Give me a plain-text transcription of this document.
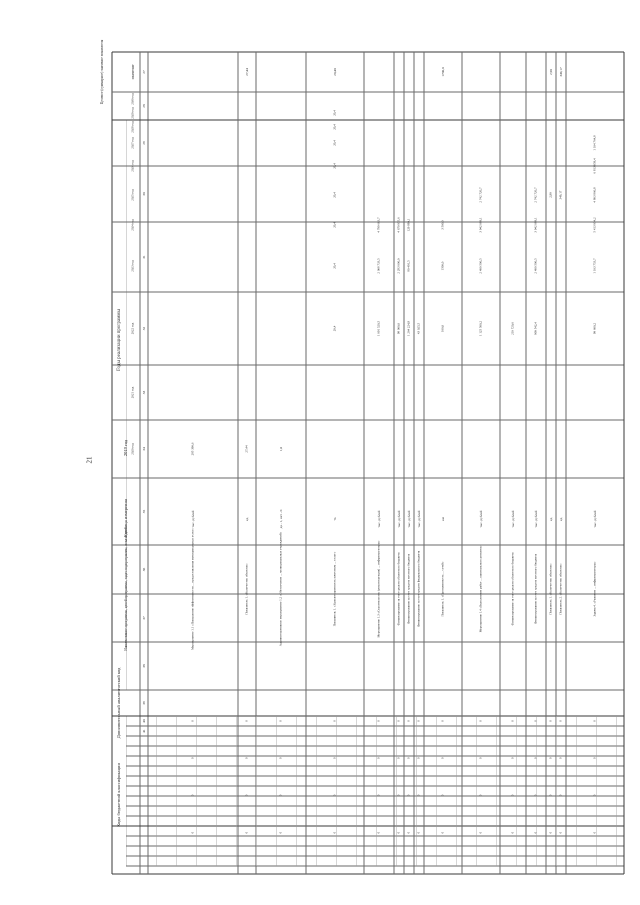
21
Годы реализации программы
Коды бюджетной классификации
Дополнительный аналитический код
Целевое (суммарное) значение показателя	значение
Наименование программы, целей программы, задач подпрограммы, показателей
Единица измерения
2019 год 2020 год
2021 год
2022 год
2023 год
2024 год
2025 год
2026 год
2027 год
2028 год
2029 год
2030 год
27
28
29
30
31
32
33
34
35
36
37
38
39
40
41
Мероприятие 1.1 «Повышение эффективности ... предоставления муниципальных услуг»
тыс. рублей
285 390,6
0
0
0
0
Показатель 1. «Количество объектов»
ед.
27,44
27,44
0
0
0
0
Административное мероприятие 1.2 «Обеспечение ... муниципальных учреждений»
да - 1, нет - 0
1,0
0
0
0
0
Показатель 1. «Удовлетворенность качеством ... услуг»
%
20,4
20,4
20,4
20,4
20,4
20,4
20,4
20,4
20,40
0
0
0
0
Мероприятие 1.3 «Строительство (реконструкция) ... инфраструктуры»
тыс. рублей
1 091 520,5
2 008 733,5
4 799 603,7
0
0
0
0
Финансирование за счет средств областного бюджета
тыс. рублей
98 000,0
2 283 000,0
4 670 955,6
0
0
0
0
Финансирование за счет средств местного бюджета
тыс. рублей
1 264 224,8
80 491,5
129 880,1
0
0
0
0
Финансирование за счет средств федерального бюджета
тыс. рублей
43 025,5
0
0
0
0
Показатель 1. «Протяженность ... сетей»
км
100,0
1500,0
3 500,0
1700,0
0
0
0
0
Мероприятие 1.4 «Выполнение работ ... капитального ремонта»
тыс. рублей
1 125 500,2
2 400 500,5
3 942 089,1
2 742 720,7
0
0
0
0
Финансирование за счет средств областного бюджета
тыс. рублей
210 720,6
0
0
0
0
Финансирование за счет средств местного бюджета
тыс. рублей
909 542,4
2 400 500,5
3 942 089,1
2 742 720,7
0
0
0
0
Показатель 1. «Количество объектов»
ед.
2,90
2,90
0
0
0
0
Показатель 2. «Количество объектов»
ед.
349,17
349,17
0
0
0
0
Задача 4. «Развитие ... инфраструктуры»
тыс. рублей
99 600,2
1 103 753,7
5 413 954,2
4 803 860,8
6 813 059,4
1 104 764,8
0
0
0
0
